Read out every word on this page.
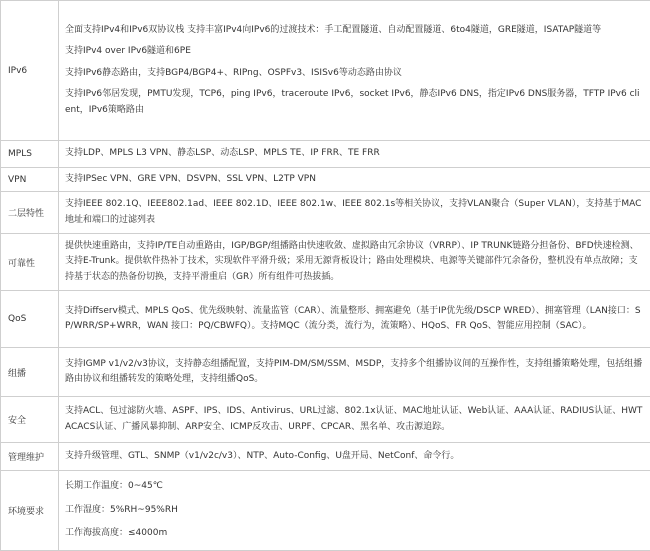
IPv6	全面支持IPv4和IPv6双协议栈 支持丰富IPv4向IPv6的过渡技术：手工配置隧道、自动配置隧道、6to4隧道，GRE隧道，ISATAP隧道等
支持IPv4 over IPv6隧道和6PE
支持IPv6静态路由，支持BGP4/BGP4+、RIPng、OSPFv3、ISISv6等动态路由协议
支持IPv6邻居发现，PMTU发现，TCP6，ping IPv6，traceroute IPv6，socket IPv6，静态IPv6 DNS，指定IPv6 DNS服务器，TFTP IPv6 client，IPv6策略路由

MPLS	支持LDP、MPLS L3 VPN、静态LSP、动态LSP、MPLS TE、IP FRR、TE FRR

VPN	支持IPSec VPN、GRE VPN、DSVPN、SSL VPN、L2TP VPN

二层特性	支持IEEE 802.1Q、IEEE802.1ad、IEEE 802.1D、IEEE 802.1w、IEEE 802.1s等相关协议，支持VLAN聚合（Super VLAN），支持基于MAC地址和端口的过滤列表

可靠性	提供快速重路由，支持IP/TE自动重路由，IGP/BGP/组播路由快速收敛、虚拟路由冗余协议（VRRP）、IP TRUNK链路分担备份、BFD快速检测、支持E-Trunk。提供软件热补丁技术，实现软件平滑升级；采用无源背板设计；路由处理模块、电源等关键部件冗余备份，整机没有单点故障；支持基于状态的热备份切换，支持平滑重启（GR）所有组件可热拔插。

QoS	支持Diffserv模式、MPLS QoS、优先级映射、流量监管（CAR）、流量整形、拥塞避免（基于IP优先级/DSCP WRED）、拥塞管理（LAN接口：SP/WRR/SP+WRR，WAN 接口：PQ/CBWFQ）。支持MQC（流分类，流行为，流策略）、HQoS、FR QoS、智能应用控制（SAC）。

组播	支持IGMP v1/v2/v3协议，支持静态组播配置，支持PIM-DM/SM/SSM、MSDP，支持多个组播协议间的互操作性，支持组播策略处理，包括组播路由协议和组播转发的策略处理，支持组播QoS。

安全	支持ACL、包过滤防火墙、ASPF、IPS、IDS、Antivirus、URL过滤、802.1x认证、MAC地址认证、Web认证、AAA认证、RADIUS认证、HWTACACS认证、广播风暴抑制、ARP安全、ICMP反攻击、URPF、CPCAR、黑名单、攻击源追踪。

管理维护	支持升级管理、GTL、SNMP（v1/v2c/v3）、NTP、Auto-Config、U盘开局、NetConf、命令行。

环境要求	长期工作温度：0~45℃
工作湿度：5%RH~95%RH
工作海拔高度：≤4000m
